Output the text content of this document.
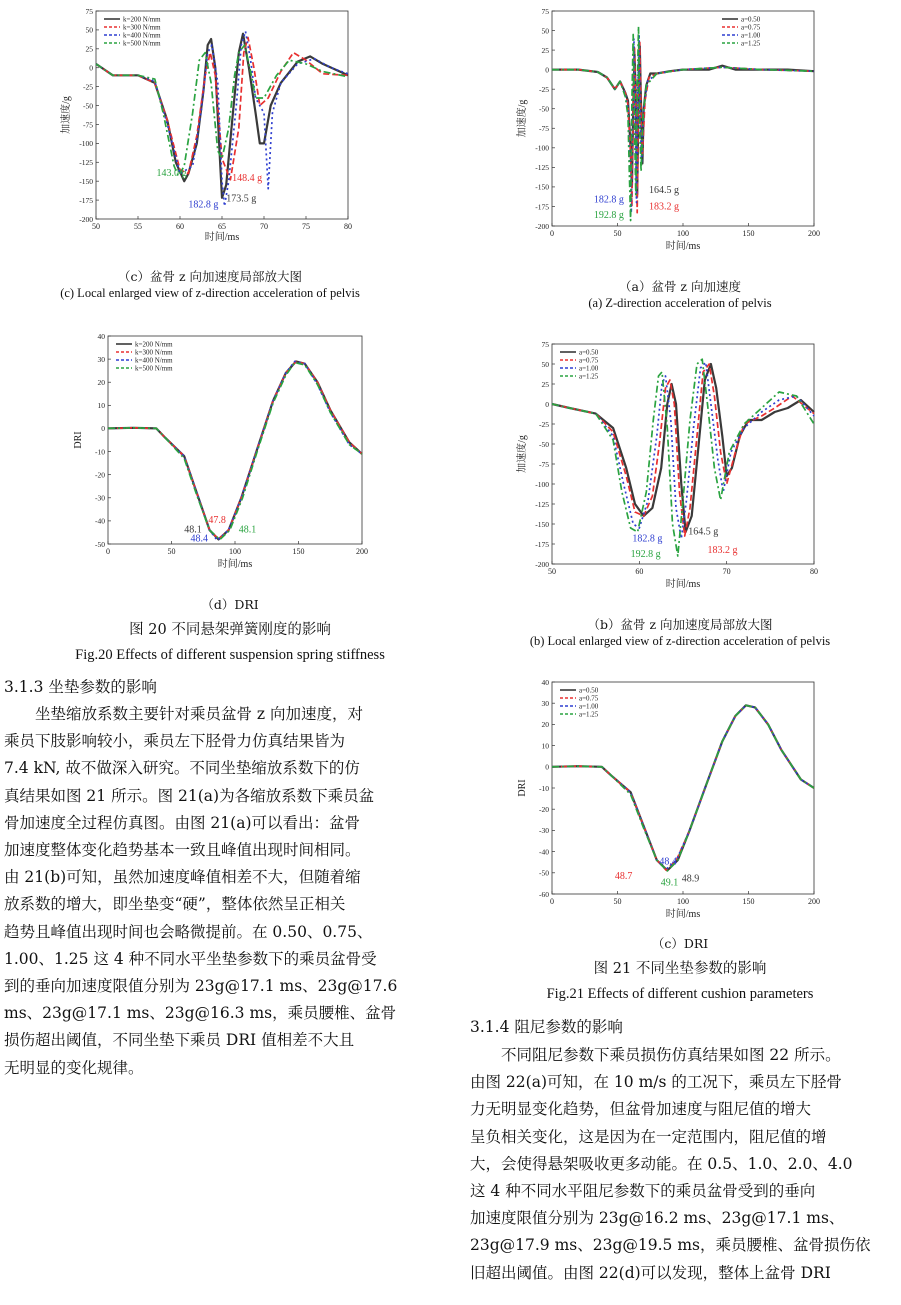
50	55	60	65	70	75	80
75
50
25
0
-25
-50
-75
-100
-125
-150
-175
-200
时间/ms
加速度/g
k=200 N/mm
k=300 N/mm
k=400 N/mm
k=500 N/mm
143.0 g	148.4 g
182.8 g
173.5 g
（c）盆骨 z 向加速度局部放大图
(c) Local enlarged view of z-direction acceleration of pelvis
0	50	100	150	200
40
30
20
10
0
-10
-20
-30
-40
-50
时间/ms
DRI
k=200 N/mm
k=300 N/mm
k=400 N/mm
k=500 N/mm
48.1
47.8
48.4
48.1
（d）DRI
图 20 不同悬架弹簧刚度的影响
Fig.20 Effects of different suspension spring stiffness
0	50	100	150	200
75
50
25
0
-25
-50
-75
-100
-125
-150
-175
-200
时间/ms
加速度/g
a=0.50
a=0.75
a=1.00
a=1.25
182.8 g
192.8 g
164.5 g
183.2 g
（a）盆骨 z 向加速度
(a) Z-direction acceleration of pelvis
50	60	70	80
75
50
25
0
-25
-50
-75
-100
-125
-150
-175
-200
时间/ms
加速度/g
a=0.50
a=0.75
a=1.00
a=1.25
182.8 g
192.8 g
164.5 g
183.2 g
（b）盆骨 z 向加速度局部放大图
(b) Local enlarged view of z-direction acceleration of pelvis
0	50	100	150	200
40
30
20
10
0
-10
-20
-30
-40
-50
-60
时间/ms
DRI
a=0.50
a=0.75
a=1.00
a=1.25
48.4
48.7
49.1 48.9
（c）DRI
图 21 不同坐垫参数的影响
Fig.21 Effects of different cushion parameters
3.1.3 坐垫参数的影响
　　坐垫缩放系数主要针对乘员盆骨 z 向加速度，对
乘员下肢影响较小，乘员左下胫骨力仿真结果皆为
7.4 kN, 故不做深入研究。不同坐垫缩放系数下的仿
真结果如图 21 所示。图 21(a)为各缩放系数下乘员盆
骨加速度全过程仿真图。由图 21(a)可以看出：盆骨
加速度整体变化趋势基本一致且峰值出现时间相同。
由 21(b)可知，虽然加速度峰值相差不大，但随着缩
放系数的增大，即坐垫变“硬”，整体依然呈正相关
趋势且峰值出现时间也会略微提前。在 0.50、0.75、
1.00、1.25 这 4 种不同水平坐垫参数下的乘员盆骨受
到的垂向加速度限值分别为 23g@17.1 ms、23g@17.6
ms、23g@17.1 ms、23g@16.3 ms，乘员腰椎、盆骨
损伤超出阈值，不同坐垫下乘员 DRI 值相差不大且
无明显的变化规律。
3.1.4 阻尼参数的影响
　　不同阻尼参数下乘员损伤仿真结果如图 22 所示。
由图 22(a)可知，在 10 m/s 的工况下，乘员左下胫骨
力无明显变化趋势，但盆骨加速度与阻尼值的增大
呈负相关变化，这是因为在一定范围内，阻尼值的增
大，会使得悬架吸收更多动能。在 0.5、1.0、2.0、4.0
这 4 种不同水平阻尼参数下的乘员盆骨受到的垂向
加速度限值分别为 23g@16.2 ms、23g@17.1 ms、
23g@17.9 ms、23g@19.5 ms，乘员腰椎、盆骨损伤依
旧超出阈值。由图 22(d)可以发现，整体上盆骨 DRI
